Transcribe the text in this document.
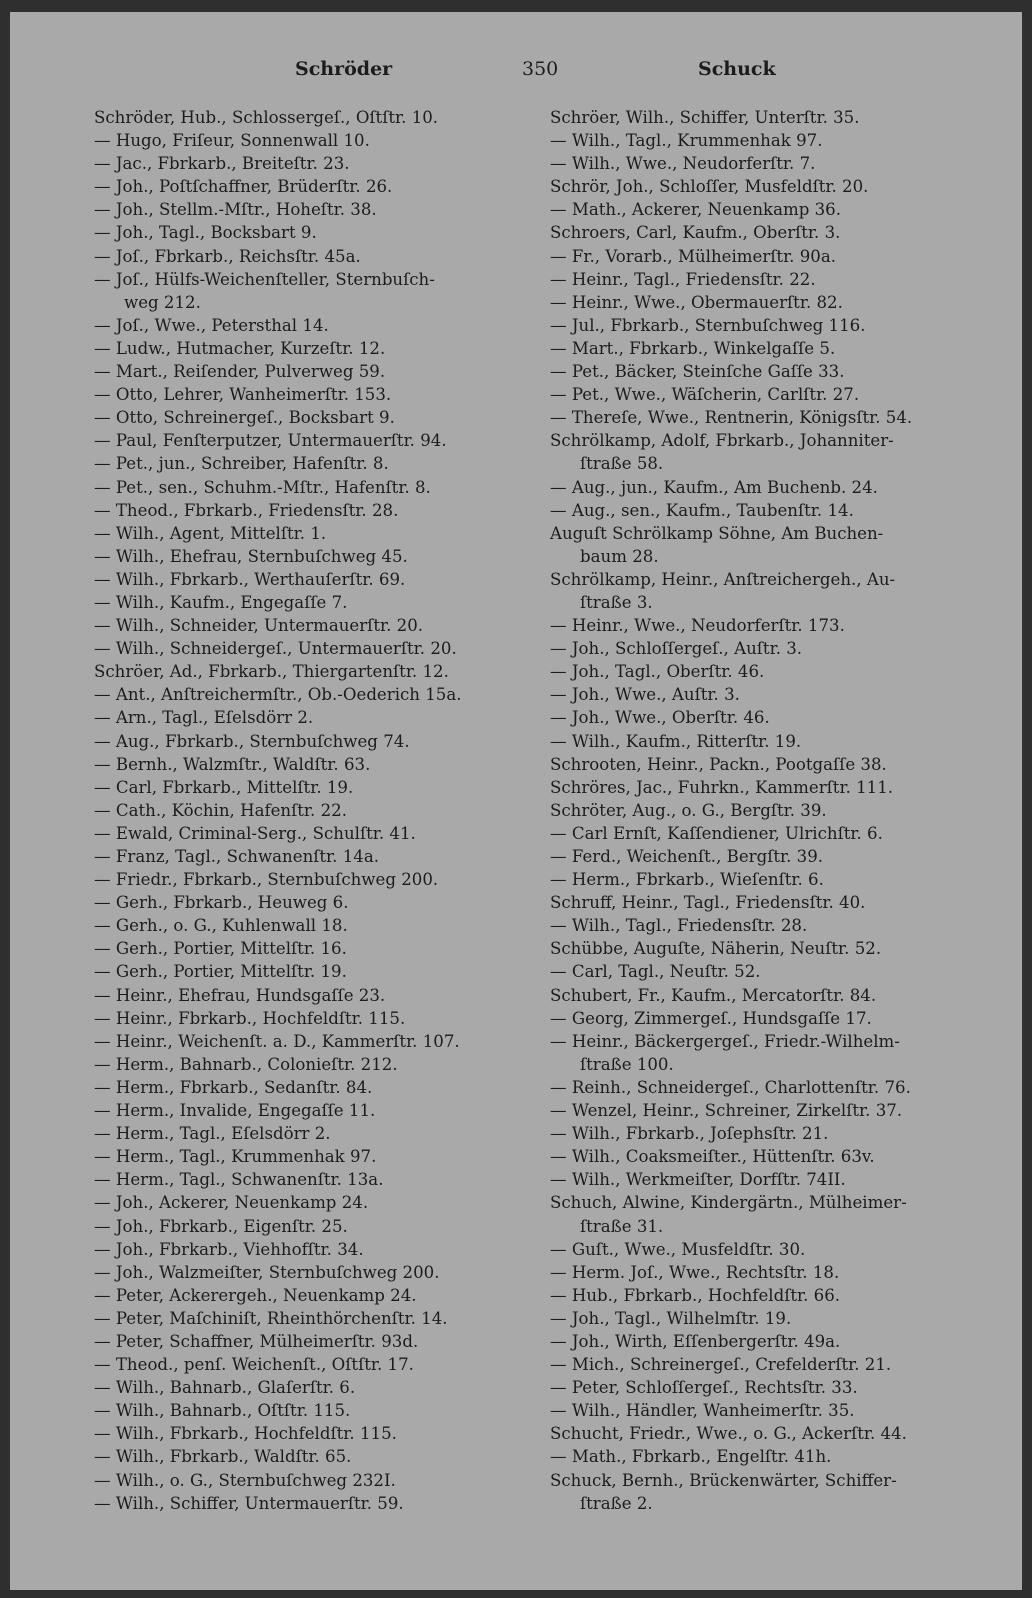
Schröder	350	Schuck
Schröder, Hub., Schlossergeſ., Oſtſtr. 10.
— Hugo, Friſeur, Sonnenwall 10.
— Jac., Fbrkarb., Breiteſtr. 23.
— Joh., Poſtſchaffner, Brüderſtr. 26.
— Joh., Stellm.-Mſtr., Hoheſtr. 38.
— Joh., Tagl., Bocksbart 9.
— Joſ., Fbrkarb., Reichsſtr. 45a.
— Joſ., Hülfs-Weichenſteller, Sternbuſch-
weg 212.
— Joſ., Wwe., Petersthal 14.
— Ludw., Hutmacher, Kurzeſtr. 12.
— Mart., Reiſender, Pulverweg 59.
— Otto, Lehrer, Wanheimerſtr. 153.
— Otto, Schreinergeſ., Bocksbart 9.
— Paul, Fenſterputzer, Untermauerſtr. 94.
— Pet., jun., Schreiber, Hafenſtr. 8.
— Pet., sen., Schuhm.-Mſtr., Hafenſtr. 8.
— Theod., Fbrkarb., Friedensſtr. 28.
— Wilh., Agent, Mittelſtr. 1.
— Wilh., Ehefrau, Sternbuſchweg 45.
— Wilh., Fbrkarb., Werthauſerſtr. 69.
— Wilh., Kaufm., Engegaſſe 7.
— Wilh., Schneider, Untermauerſtr. 20.
— Wilh., Schneidergeſ., Untermauerſtr. 20.
Schröer, Ad., Fbrkarb., Thiergartenſtr. 12.
— Ant., Anſtreichermſtr., Ob.-Oederich 15a.
— Arn., Tagl., Eſelsdörr 2.
— Aug., Fbrkarb., Sternbuſchweg 74.
— Bernh., Walzmſtr., Waldſtr. 63.
— Carl, Fbrkarb., Mittelſtr. 19.
— Cath., Köchin, Hafenſtr. 22.
— Ewald, Criminal-Serg., Schulſtr. 41.
— Franz, Tagl., Schwanenſtr. 14a.
— Friedr., Fbrkarb., Sternbuſchweg 200.
— Gerh., Fbrkarb., Heuweg 6.
— Gerh., o. G., Kuhlenwall 18.
— Gerh., Portier, Mittelſtr. 16.
— Gerh., Portier, Mittelſtr. 19.
— Heinr., Ehefrau, Hundsgaſſe 23.
— Heinr., Fbrkarb., Hochfeldſtr. 115.
— Heinr., Weichenſt. a. D., Kammerſtr. 107.
— Herm., Bahnarb., Colonieſtr. 212.
— Herm., Fbrkarb., Sedanſtr. 84.
— Herm., Invalide, Engegaſſe 11.
— Herm., Tagl., Eſelsdörr 2.
— Herm., Tagl., Krummenhak 97.
— Herm., Tagl., Schwanenſtr. 13a.
— Joh., Ackerer, Neuenkamp 24.
— Joh., Fbrkarb., Eigenſtr. 25.
— Joh., Fbrkarb., Viehhofſtr. 34.
— Joh., Walzmeiſter, Sternbuſchweg 200.
— Peter, Ackerergeh., Neuenkamp 24.
— Peter, Maſchiniſt, Rheinthörchenſtr. 14.
— Peter, Schaffner, Mülheimerſtr. 93d.
— Theod., penſ. Weichenſt., Oſtſtr. 17.
— Wilh., Bahnarb., Glaſerſtr. 6.
— Wilh., Bahnarb., Oſtſtr. 115.
— Wilh., Fbrkarb., Hochfeldſtr. 115.
— Wilh., Fbrkarb., Waldſtr. 65.
— Wilh., o. G., Sternbuſchweg 232I.
— Wilh., Schiffer, Untermauerſtr. 59.
Schröer, Wilh., Schiffer, Unterſtr. 35.
— Wilh., Tagl., Krummenhak 97.
— Wilh., Wwe., Neudorferſtr. 7.
Schrör, Joh., Schloſſer, Musfeldſtr. 20.
— Math., Ackerer, Neuenkamp 36.
Schroers, Carl, Kaufm., Oberſtr. 3.
— Fr., Vorarb., Mülheimerſtr. 90a.
— Heinr., Tagl., Friedensſtr. 22.
— Heinr., Wwe., Obermauerſtr. 82.
— Jul., Fbrkarb., Sternbuſchweg 116.
— Mart., Fbrkarb., Winkelgaſſe 5.
— Pet., Bäcker, Steinſche Gaſſe 33.
— Pet., Wwe., Wäſcherin, Carlſtr. 27.
— Thereſe, Wwe., Rentnerin, Königsſtr. 54.
Schrölkamp, Adolf, Fbrkarb., Johanniter-
ſtraße 58.
— Aug., jun., Kaufm., Am Buchenb. 24.
— Aug., sen., Kaufm., Taubenſtr. 14.
Auguſt Schrölkamp Söhne, Am Buchen-
baum 28.
Schrölkamp, Heinr., Anſtreichergeh., Au-
ſtraße 3.
— Heinr., Wwe., Neudorferſtr. 173.
— Joh., Schloſſergeſ., Auſtr. 3.
— Joh., Tagl., Oberſtr. 46.
— Joh., Wwe., Auſtr. 3.
— Joh., Wwe., Oberſtr. 46.
— Wilh., Kaufm., Ritterſtr. 19.
Schrooten, Heinr., Packn., Pootgaſſe 38.
Schröres, Jac., Fuhrkn., Kammerſtr. 111.
Schröter, Aug., o. G., Bergſtr. 39.
— Carl Ernſt, Kaſſendiener, Ulrichſtr. 6.
— Ferd., Weichenſt., Bergſtr. 39.
— Herm., Fbrkarb., Wieſenſtr. 6.
Schruff, Heinr., Tagl., Friedensſtr. 40.
— Wilh., Tagl., Friedensſtr. 28.
Schübbe, Auguſte, Näherin, Neuſtr. 52.
— Carl, Tagl., Neuſtr. 52.
Schubert, Fr., Kaufm., Mercatorſtr. 84.
— Georg, Zimmergeſ., Hundsgaſſe 17.
— Heinr., Bäckergergeſ., Friedr.-Wilhelm-
ſtraße 100.
— Reinh., Schneidergeſ., Charlottenſtr. 76.
— Wenzel, Heinr., Schreiner, Zirkelſtr. 37.
— Wilh., Fbrkarb., Joſephsſtr. 21.
— Wilh., Coaksmeiſter., Hüttenſtr. 63v.
— Wilh., Werkmeiſter, Dorfſtr. 74II.
Schuch, Alwine, Kindergärtn., Mülheimer-
ſtraße 31.
— Guſt., Wwe., Musfeldſtr. 30.
— Herm. Joſ., Wwe., Rechtsſtr. 18.
— Hub., Fbrkarb., Hochfeldſtr. 66.
— Joh., Tagl., Wilhelmſtr. 19.
— Joh., Wirth, Eſſenbergerſtr. 49a.
— Mich., Schreinergeſ., Crefelderſtr. 21.
— Peter, Schloſſergeſ., Rechtsſtr. 33.
— Wilh., Händler, Wanheimerſtr. 35.
Schucht, Friedr., Wwe., o. G., Ackerſtr. 44.
— Math., Fbrkarb., Engelſtr. 41h.
Schuck, Bernh., Brückenwärter, Schiffer-
ſtraße 2.
